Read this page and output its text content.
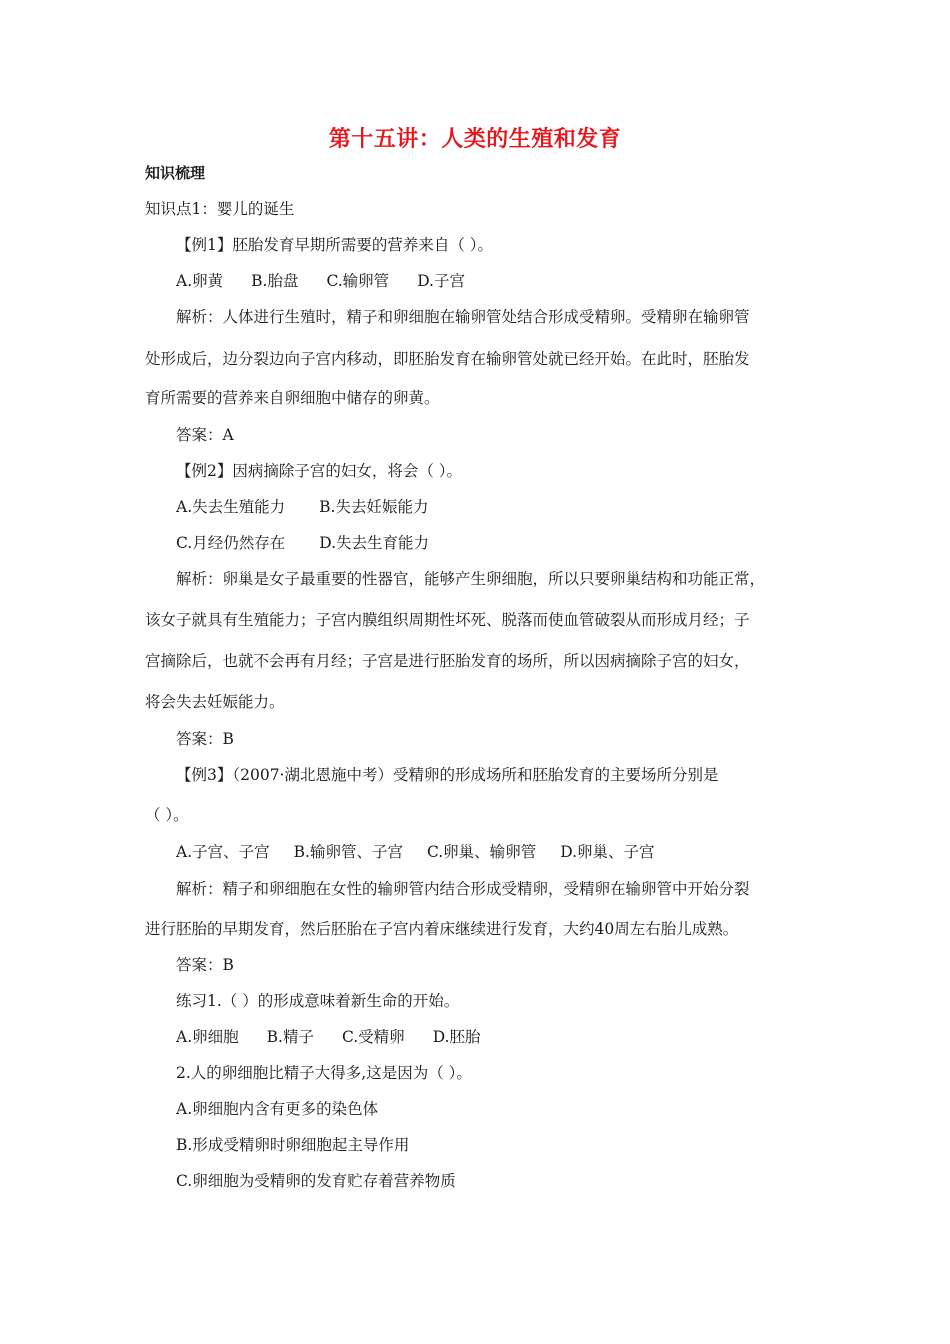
第十五讲：人类的生殖和发育
知识梳理
知识点1：婴儿的诞生
【例1】胚胎发育早期所需要的营养来自（ ）。
A.卵黄 B.胎盘 C.输卵管 D.子宫
解析：人体进行生殖时，精子和卵细胞在输卵管处结合形成受精卵。受精卵在输卵管
处形成后，边分裂边向子宫内移动，即胚胎发育在输卵管处就已经开始。在此时，胚胎发
育所需要的营养来自卵细胞中储存的卵黄。
答案：A
【例2】因病摘除子宫的妇女，将会（ ）。
A.失去生殖能力 B.失去妊娠能力
C.月经仍然存在 D.失去生育能力
解析：卵巢是女子最重要的性器官，能够产生卵细胞，所以只要卵巢结构和功能正常，
该女子就具有生殖能力；子宫内膜组织周期性坏死、脱落而使血管破裂从而形成月经；子
宫摘除后，也就不会再有月经；子宫是进行胚胎发育的场所，所以因病摘除子宫的妇女，
将会失去妊娠能力。
答案：B
【例3】（2007·湖北恩施中考）受精卵的形成场所和胚胎发育的主要场所分别是
（ ）。
A.子宫、子宫 B.输卵管、子宫 C.卵巢、输卵管 D.卵巢、子宫
解析：精子和卵细胞在女性的输卵管内结合形成受精卵，受精卵在输卵管中开始分裂
进行胚胎的早期发育，然后胚胎在子宫内着床继续进行发育，大约40周左右胎儿成熟。
答案：B
练习1.（ ）的形成意味着新生命的开始。
A.卵细胞 B.精子 C.受精卵 D.胚胎
2.人的卵细胞比精子大得多,这是因为（ ）。
A.卵细胞内含有更多的染色体
B.形成受精卵时卵细胞起主导作用
C.卵细胞为受精卵的发育贮存着营养物质
